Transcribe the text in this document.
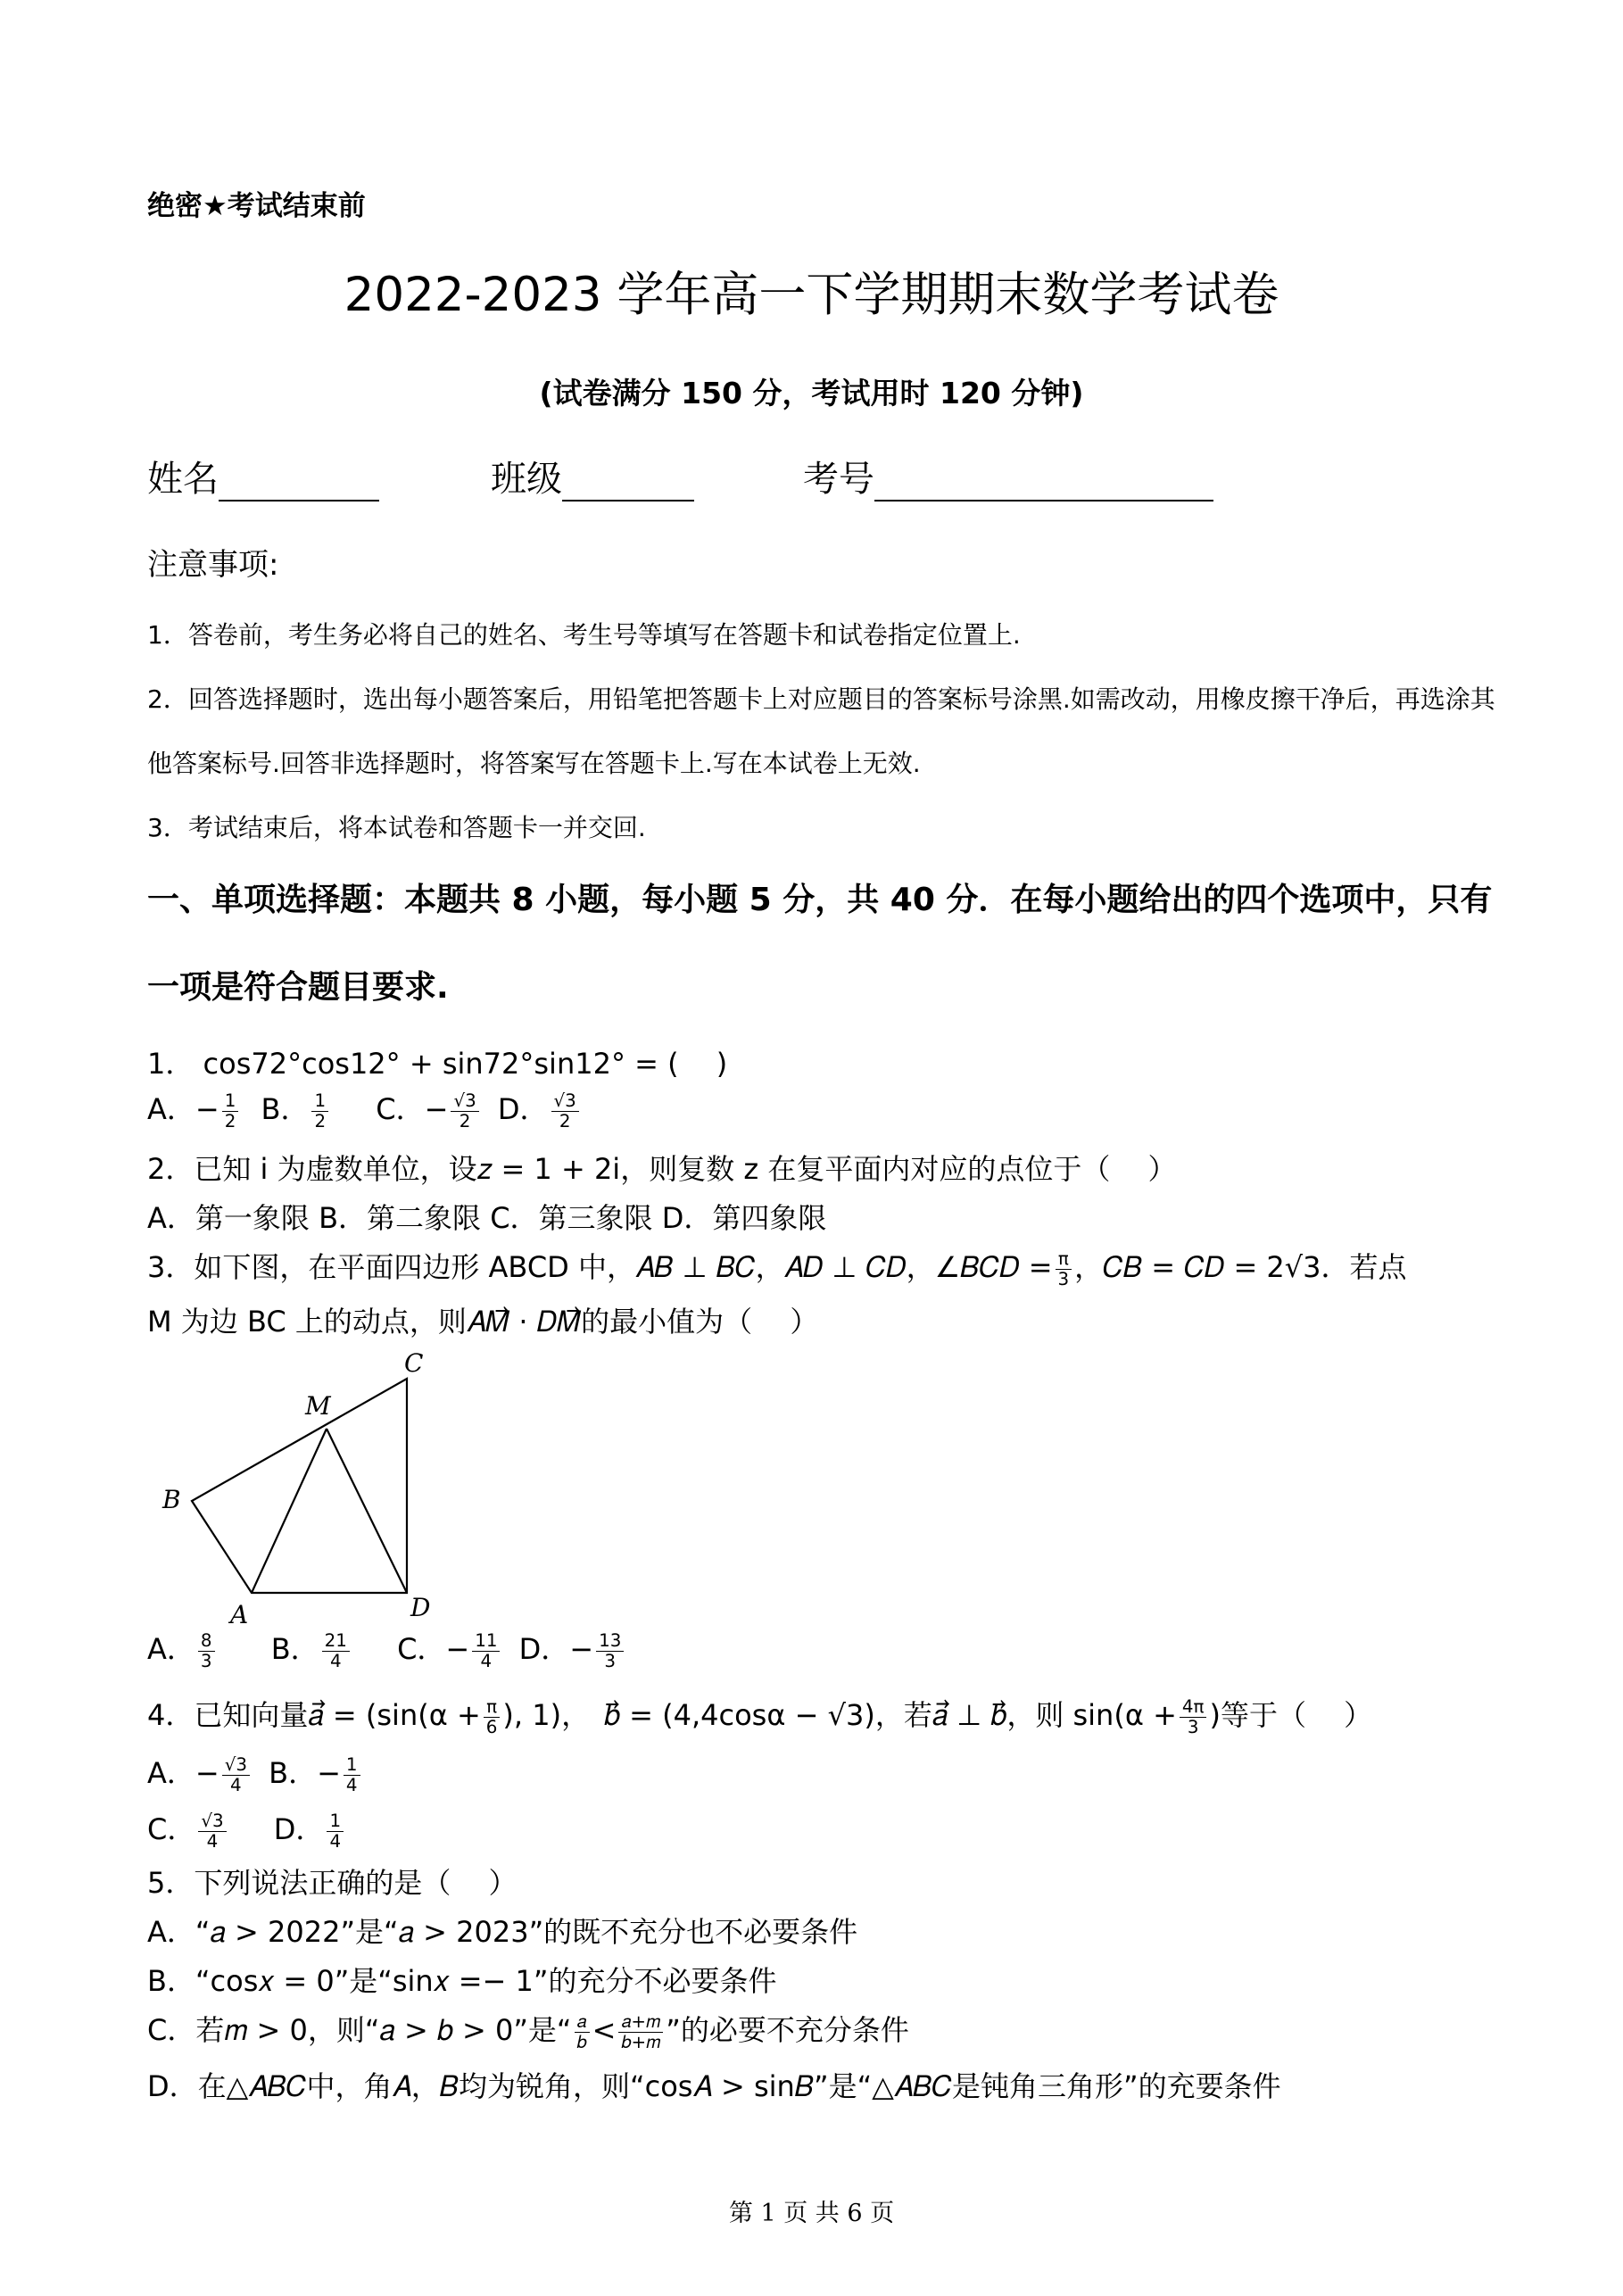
绝密★考试结束前
2022-2023 学年高一下学期期末数学考试卷
(试卷满分 150 分，考试用时 120 分钟)
姓名	班级	考号
注意事项:
1．答卷前，考生务必将自己的姓名、考生号等填写在答题卡和试卷指定位置上.
2．回答选择题时，选出每小题答案后，用铅笔把答题卡上对应题目的答案标号涂黑.如需改动，用橡皮擦干净后，再选涂其
他答案标号.回答非选择题时，将答案写在答题卡上.写在本试卷上无效.
3．考试结束后，将本试卷和答题卡一并交回.
一、单项选择题：本题共 8 小题，每小题 5 分，共 40 分．在每小题给出的四个选项中，只有
一项是符合题目要求.
1． cos72°cos12° + sin72°sin12° = (　 )
A．− $\frac{1}{2}$ B． $\frac{1}{2}$ C．− $\frac{√3}{2}$ D． $\frac{√3}{2}$
2．已知 i 为虚数单位，设𝑧 = 1 + 2i，则复数 z 在复平面内对应的点位于（　 ）
A．第一象限 B．第二象限 C．第三象限 D．第四象限
3．如下图，在平面四边形 ABCD 中，𝐴𝐵 ⊥ 𝐵𝐶，𝐴𝐷 ⊥ 𝐶𝐷，∠𝐵𝐶𝐷 = $\frac{\pi}{3}$ ，𝐶𝐵 = 𝐶𝐷 = 2√3．若点
M 为边 BC 上的动点，则𝐴𝑀⃗ · 𝐷𝑀⃗的最小值为（　 ）
B
A	D
C
M
A． $\frac{8}{3}$ B． $\frac{21}{4}$ C．− $\frac{11}{4}$ D．− $\frac{13}{3}$
4．已知向量𝑎⃗ = ($\sin(\alpha + \frac{\pi}{6}$ ), 1)，　𝑏⃗ = (4,4cosα − √3)，若𝑎⃗ ⊥ 𝑏⃗，则 $\sin(\alpha + \frac{4\pi}{3}$ )等于（　 ）
A．− $\frac{√3}{4}$ B．− $\frac{1}{4}$
C． $\frac{√3}{4}$ D． $\frac{1}{4}$
5．下列说法正确的是（　 ）
A．“𝑎 > 2022”是“𝑎 > 2023”的既不充分也不必要条件
B．“cos𝑥 = 0”是“sin𝑥 =− 1”的充分不必要条件
C．若𝑚 > 0，则“𝑎 > 𝑏 > 0”是“ $\frac{\text{𝑎}}{\text{𝑏}} < \frac{\text{𝑎+𝑚}}{\text{𝑏+𝑚}}$ ”的必要不充分条件
D．在△𝐴𝐵𝐶中，角𝐴，𝐵均为锐角，则“cos𝐴 > sin𝐵”是“△𝐴𝐵𝐶是钝角三角形”的充要条件
第 1 页 共 6 页
